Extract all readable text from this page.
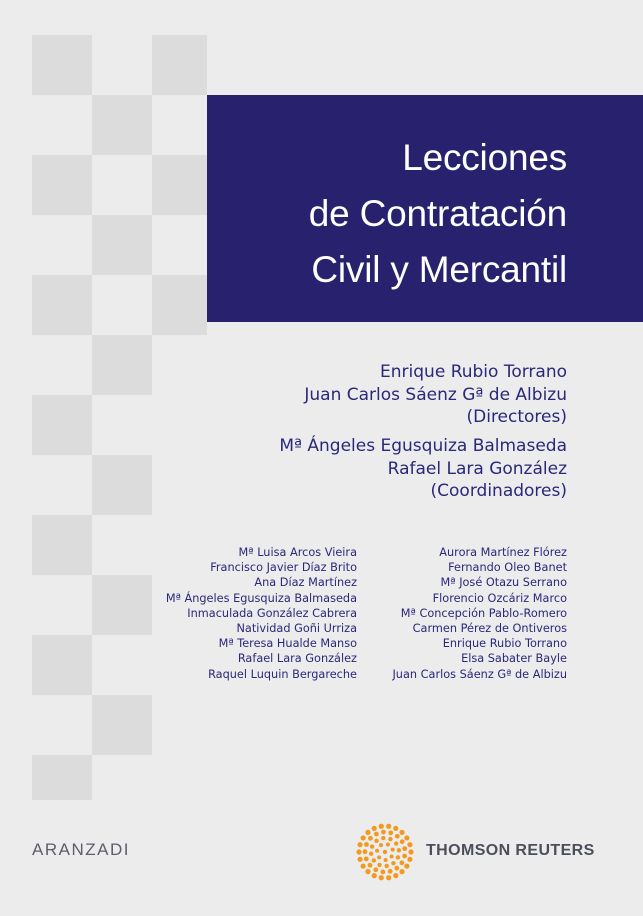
Lecciones
de Contratación
Civil y Mercantil
Enrique Rubio Torrano
Juan Carlos Sáenz Gª de Albizu
(Directores)
Mª Ángeles Egusquiza Balmaseda
Rafael Lara González
(Coordinadores)
Mª Luisa Arcos Vieira
Francisco Javier Díaz Brito
Ana Díaz Martínez
Mª Ángeles Egusquiza Balmaseda
Inmaculada González Cabrera
Natividad Goñi Urriza
Mª Teresa Hualde Manso
Rafael Lara González
Raquel Luquin Bergareche
Aurora Martínez Flórez
Fernando Oleo Banet
Mª José Otazu Serrano
Florencio Ozcáriz Marco
Mª Concepción Pablo-Romero
Carmen Pérez de Ontiveros
Enrique Rubio Torrano
Elsa Sabater Bayle
Juan Carlos Sáenz Gª de Albizu
ARANZADI	THOMSON REUTERS
